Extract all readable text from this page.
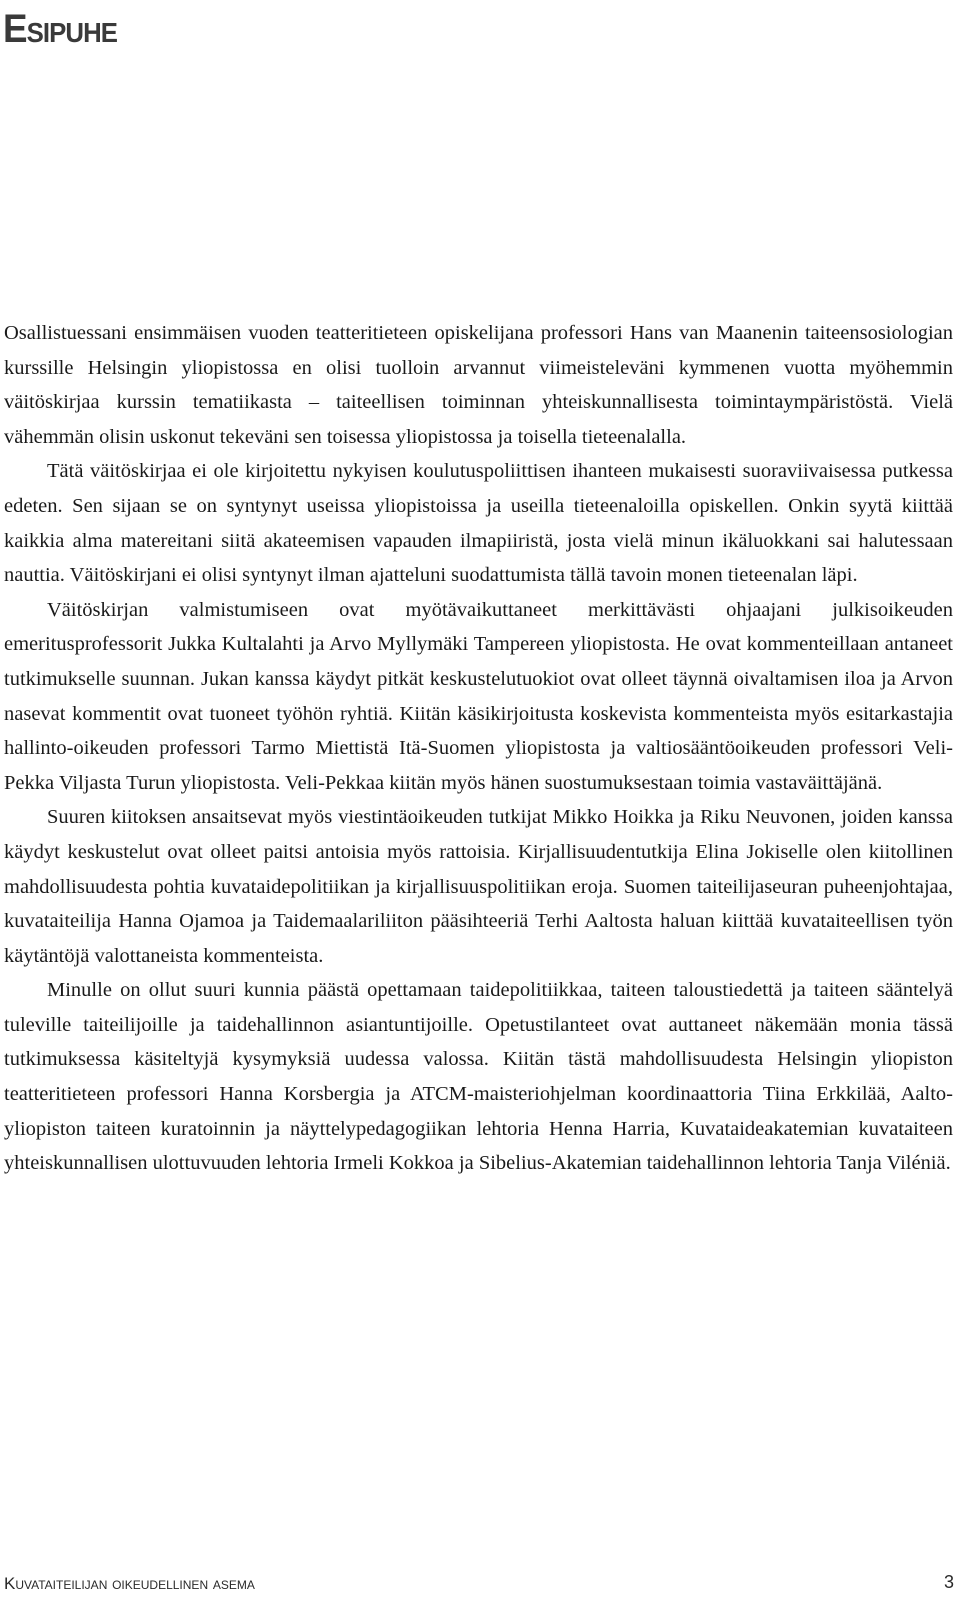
Esipuhe

Osallistuessani ensimmäisen vuoden teatteritieteen opiskelijana professori Hans van Maanenin taiteensosiologian kurssille Helsingin yliopistossa en olisi tuolloin arvannut viimeisteleväni kymmenen vuotta myöhemmin väitöskirjaa kurssin tematiikasta – taiteellisen toiminnan yhteiskunnallisesta toimintaympäristöstä. Vielä vähemmän olisin uskonut tekeväni sen toisessa yliopistossa ja toisella tieteenalalla.

Tätä väitöskirjaa ei ole kirjoitettu nykyisen koulutuspoliittisen ihanteen mukaisesti suoraviivaisessa putkessa edeten. Sen sijaan se on syntynyt useissa yliopistoissa ja useilla tieteenaloilla opiskellen. Onkin syytä kiittää kaikkia alma matereitani siitä akateemisen vapauden ilmapiiristä, josta vielä minun ikäluokkani sai halutessaan nauttia. Väitöskirjani ei olisi syntynyt ilman ajatteluni suodattumista tällä tavoin monen tieteenalan läpi.

Väitöskirjan valmistumiseen ovat myötävaikuttaneet merkittävästi ohjaajani julkisoikeuden emeritusprofessorit Jukka Kultalahti ja Arvo Myllymäki Tampereen yliopistosta. He ovat kommenteillaan antaneet tutkimukselle suunnan. Jukan kanssa käydyt pitkät keskustelutuokiot ovat olleet täynnä oivaltamisen iloa ja Arvon nasevat kommentit ovat tuoneet työhön ryhtiä. Kiitän käsikirjoitusta koskevista kommenteista myös esitarkastajia hallinto-oikeuden professori Tarmo Miettistä Itä-Suomen yliopistosta ja valtiosääntöoikeuden professori Veli-Pekka Viljasta Turun yliopistosta. Veli-Pekkaa kiitän myös hänen suostumuksestaan toimia vastaväittäjänä.

Suuren kiitoksen ansaitsevat myös viestintäoikeuden tutkijat Mikko Hoikka ja Riku Neuvonen, joiden kanssa käydyt keskustelut ovat olleet paitsi antoisia myös rattoisia. Kirjallisuudentutkija Elina Jokiselle olen kiitollinen mahdollisuudesta pohtia kuvataidepolitiikan ja kirjallisuuspolitiikan eroja. Suomen taiteilijaseuran puheenjohtajaa, kuvataiteilija Hanna Ojamoa ja Taidemaalariliiton pääsihteeriä Terhi Aaltosta haluan kiittää kuvataiteellisen työn käytäntöjä valottaneista kommenteista.

Minulle on ollut suuri kunnia päästä opettamaan taidepolitiikkaa, taiteen taloustiedettä ja taiteen sääntelyä tuleville taiteilijoille ja taidehallinnon asiantuntijoille. Opetustilanteet ovat auttaneet näkemään monia tässä tutkimuksessa käsiteltyjä kysymyksiä uudessa valossa. Kiitän tästä mahdollisuudesta Helsingin yliopiston teatteritieteen professori Hanna Korsbergia ja ATCM-maisteriohjelman koordinaattoria Tiina Erkkilää, Aalto-yliopiston taiteen kuratoinnin ja näyttelypedagogiikan lehtoria Henna Harria, Kuvataideakatemian kuvataiteen yhteiskunnallisen ulottuvuuden lehtoria Irmeli Kokkoa ja Sibelius-Akatemian taidehallinnon lehtoria Tanja Viléniä.

Kuvataiteilijan oikeudellinen asema	3
